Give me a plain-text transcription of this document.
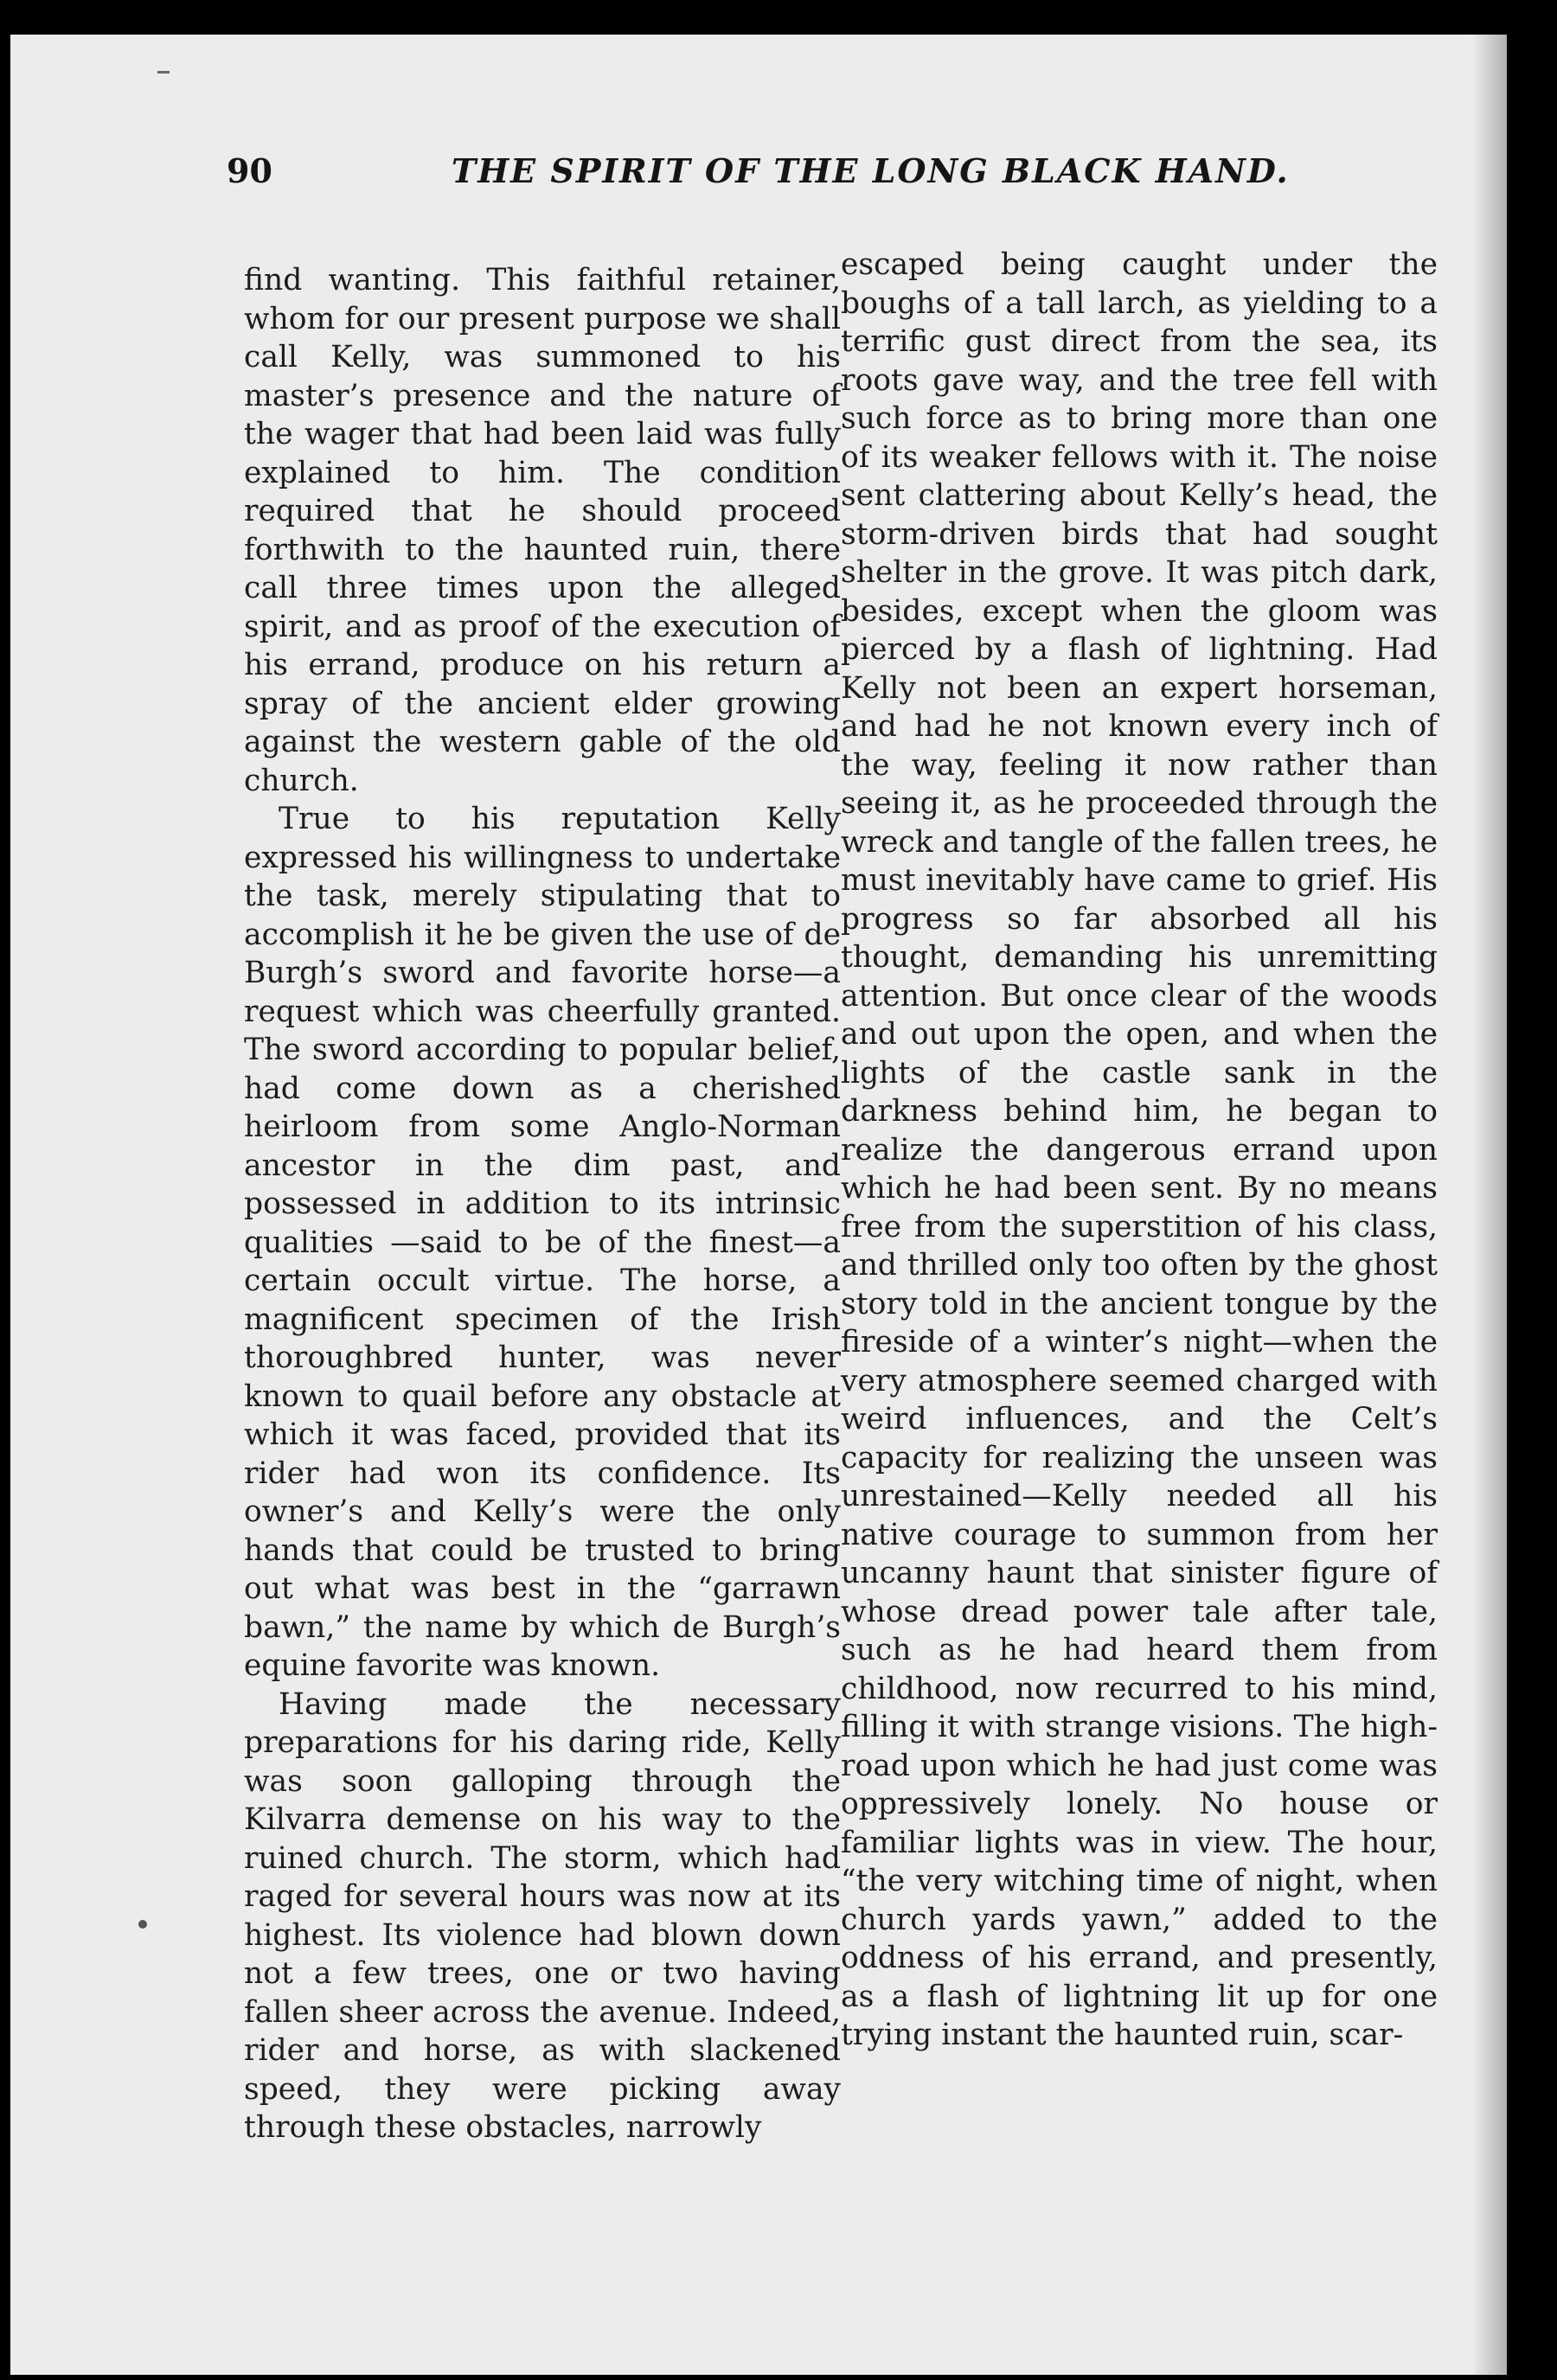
90	THE SPIRIT OF THE LONG BLACK HAND.

find wanting. This faithful retainer, whom for our present purpose we shall call Kelly, was summoned to his master’s presence and the nature of the wager that had been laid was fully explained to him. The condition required that he should proceed forthwith to the haunted ruin, there call three times upon the alleged spirit, and as proof of the execution of his errand, produce on his return a spray of the ancient elder growing against the western gable of the old church.

True to his reputation Kelly expressed his willingness to undertake the task, merely stipulating that to accomplish it he be given the use of de Burgh’s sword and favorite horse—a request which was cheerfully granted. The sword according to popular belief, had come down as a cherished heirloom from some Anglo-Norman ancestor in the dim past, and possessed in addition to its intrinsic qualities —said to be of the finest—a certain occult virtue. The horse, a magnificent specimen of the Irish thoroughbred hunter, was never known to quail before any obstacle at which it was faced, provided that its rider had won its confidence. Its owner’s and Kelly’s were the only hands that could be trusted to bring out what was best in the “garrawn bawn,” the name by which de Burgh’s equine favorite was known.

Having made the necessary preparations for his daring ride, Kelly was soon galloping through the Kilvarra demense on his way to the ruined church. The storm, which had raged for several hours was now at its highest. Its violence had blown down not a few trees, one or two having fallen sheer across the avenue. Indeed, rider and horse, as with slackened speed, they were picking away through these obstacles, narrowly

escaped being caught under the boughs of a tall larch, as yielding to a terrific gust direct from the sea, its roots gave way, and the tree fell with such force as to bring more than one of its weaker fellows with it. The noise sent clattering about Kelly’s head, the storm-driven birds that had sought shelter in the grove. It was pitch dark, besides, except when the gloom was pierced by a flash of lightning. Had Kelly not been an expert horseman, and had he not known every inch of the way, feeling it now rather than seeing it, as he proceeded through the wreck and tangle of the fallen trees, he must inevitably have came to grief. His progress so far absorbed all his thought, demanding his unremitting attention. But once clear of the woods and out upon the open, and when the lights of the castle sank in the darkness behind him, he began to realize the dangerous errand upon which he had been sent. By no means free from the superstition of his class, and thrilled only too often by the ghost story told in the ancient tongue by the fireside of a winter’s night—when the very atmosphere seemed charged with weird influences, and the Celt’s capacity for realizing the unseen was unrestained—Kelly needed all his native courage to summon from her uncanny haunt that sinister figure of whose dread power tale after tale, such as he had heard them from childhood, now recurred to his mind, filling it with strange visions. The high-road upon which he had just come was oppressively lonely. No house or familiar lights was in view. The hour, “the very witching time of night, when church yards yawn,” added to the oddness of his errand, and presently, as a flash of lightning lit up for one trying instant the haunted ruin, scar-
